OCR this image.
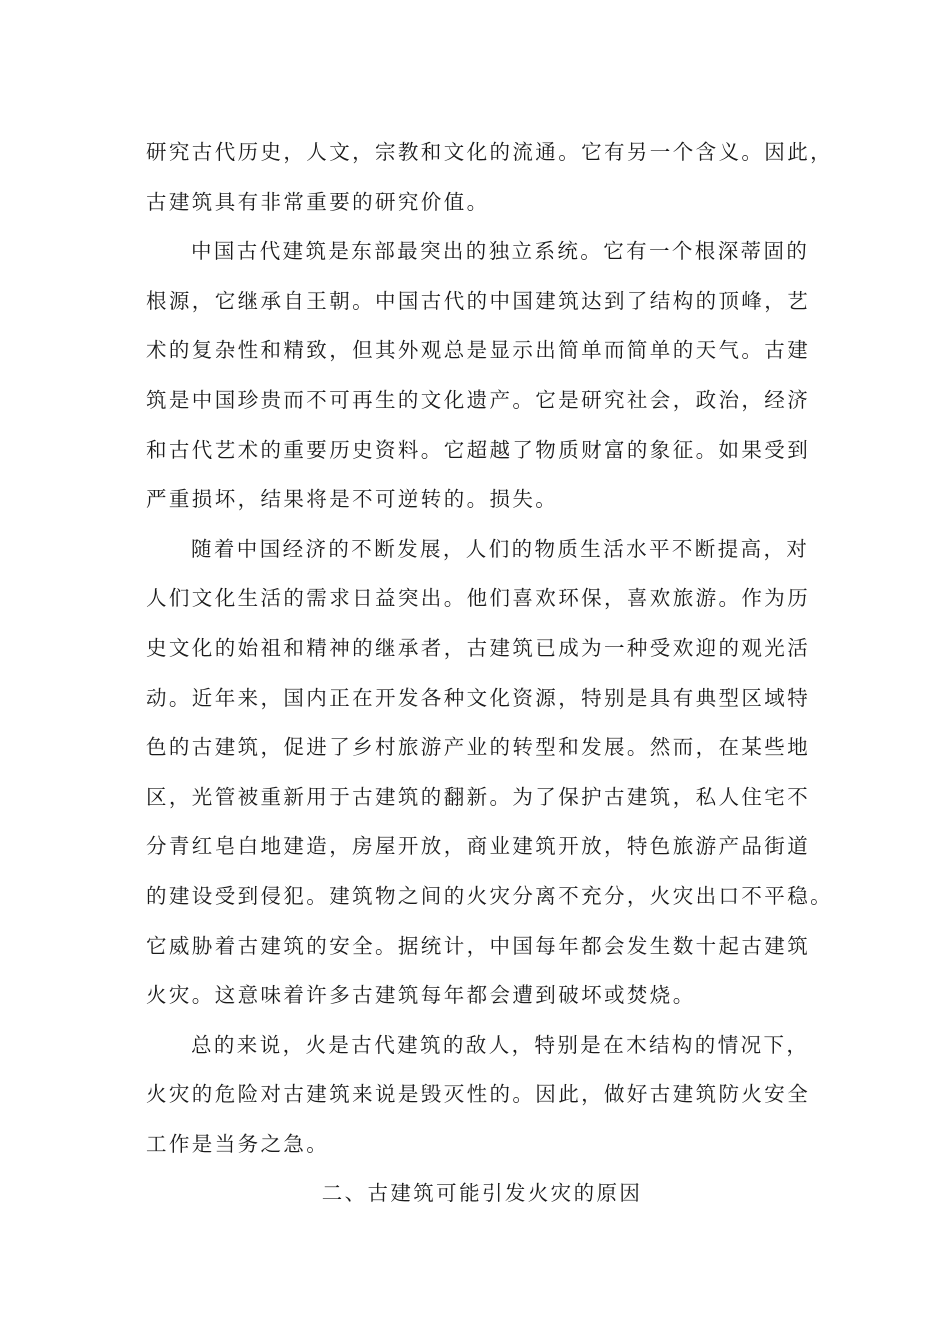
研究古代历史，人文，宗教和文化的流通。它有另一个含义。因此，
古建筑具有非常重要的研究价值。
中国古代建筑是东部最突出的独立系统。它有一个根深蒂固的
根源，它继承自王朝。中国古代的中国建筑达到了结构的顶峰，艺
术的复杂性和精致，但其外观总是显示出简单而简单的天气。古建
筑是中国珍贵而不可再生的文化遗产。它是研究社会，政治，经济
和古代艺术的重要历史资料。它超越了物质财富的象征。如果受到
严重损坏，结果将是不可逆转的。损失。
随着中国经济的不断发展，人们的物质生活水平不断提高，对
人们文化生活的需求日益突出。他们喜欢环保，喜欢旅游。作为历
史文化的始祖和精神的继承者，古建筑已成为一种受欢迎的观光活
动。近年来，国内正在开发各种文化资源，特别是具有典型区域特
色的古建筑，促进了乡村旅游产业的转型和发展。然而，在某些地
区，光管被重新用于古建筑的翻新。为了保护古建筑，私人住宅不
分青红皂白地建造，房屋开放，商业建筑开放，特色旅游产品街道
的建设受到侵犯。建筑物之间的火灾分离不充分，火灾出口不平稳。
它威胁着古建筑的安全。据统计，中国每年都会发生数十起古建筑
火灾。这意味着许多古建筑每年都会遭到破坏或焚烧。
总的来说，火是古代建筑的敌人，特别是在木结构的情况下，
火灾的危险对古建筑来说是毁灭性的。因此，做好古建筑防火安全
工作是当务之急。
二、古建筑可能引发火灾的原因
